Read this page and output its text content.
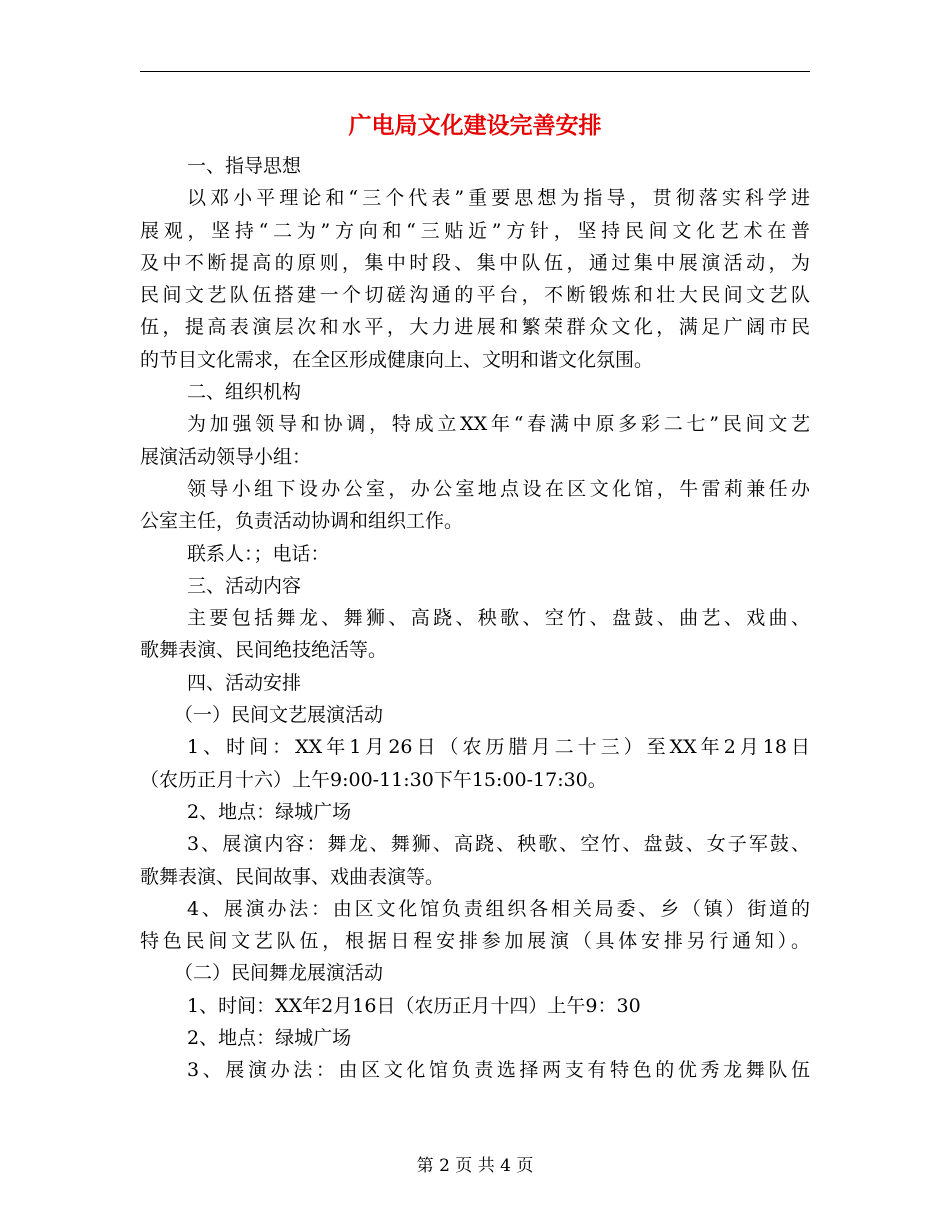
广电局文化建设完善安排
一、指导思想
以邓小平理论和“三个代表”重要思想为指导，贯彻落实科学进
展观，坚持“二为”方向和“三贴近”方针，坚持民间文化艺术在普
及中不断提高的原则，集中时段、集中队伍，通过集中展演活动，为
民间文艺队伍搭建一个切磋沟通的平台，不断锻炼和壮大民间文艺队
伍，提高表演层次和水平，大力进展和繁荣群众文化，满足广阔市民
的节目文化需求，在全区形成健康向上、文明和谐文化氛围。
二、组织机构
为加强领导和协调，特成立XX年“春满中原多彩二七”民间文艺
展演活动领导小组：
领导小组下设办公室，办公室地点设在区文化馆，牛雷莉兼任办
公室主任，负责活动协调和组织工作。
联系人：；电话：
三、活动内容
主要包括舞龙、舞狮、高跷、秧歌、空竹、盘鼓、曲艺、戏曲、
歌舞表演、民间绝技绝活等。
四、活动安排
（一）民间文艺展演活动
1、时间：XX年1月26日（农历腊月二十三）至XX年2月18日
（农历正月十六）上午9:00-11:30下午15:00-17:30。
2、地点：绿城广场
3、展演内容：舞龙、舞狮、高跷、秧歌、空竹、盘鼓、女子军鼓、
歌舞表演、民间故事、戏曲表演等。
4、展演办法：由区文化馆负责组织各相关局委、乡（镇）街道的
特色民间文艺队伍，根据日程安排参加展演（具体安排另行通知）。
（二）民间舞龙展演活动
1、时间：XX年2月16日（农历正月十四）上午9：30
2、地点：绿城广场
3、展演办法：由区文化馆负责选择两支有特色的优秀龙舞队伍
第 2 页 共 4 页
